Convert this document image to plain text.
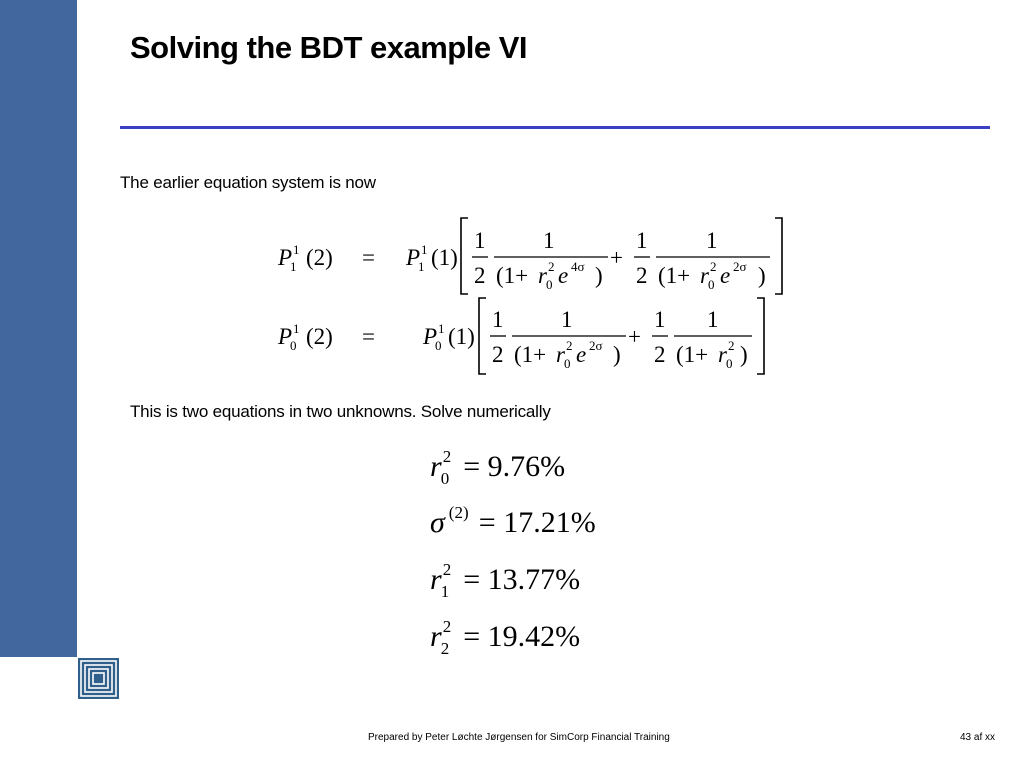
Solving the BDT example VI
The earlier equation system is now
P 1
1 (2) = P 1
1 (1)
1
2
1
(1+ r 2
0 e 4σ )
+
1
2
1
(1+ r 2
0 e 2σ )
P 1
0 (2) = P 1
0 (1)
1
2
1
(1+ r 2
0 e 2σ )
+
1
2
1
(1+ r 2
0 )
This is two equations in two unknowns. Solve numerically
r 2
0 = 9.76%
σ (2) = 17.21%
r 2
1 = 13.77%
r 2
2 = 19.42%
Prepared by Peter Løchte Jørgensen for SimCorp Financial Training	43 af xx
